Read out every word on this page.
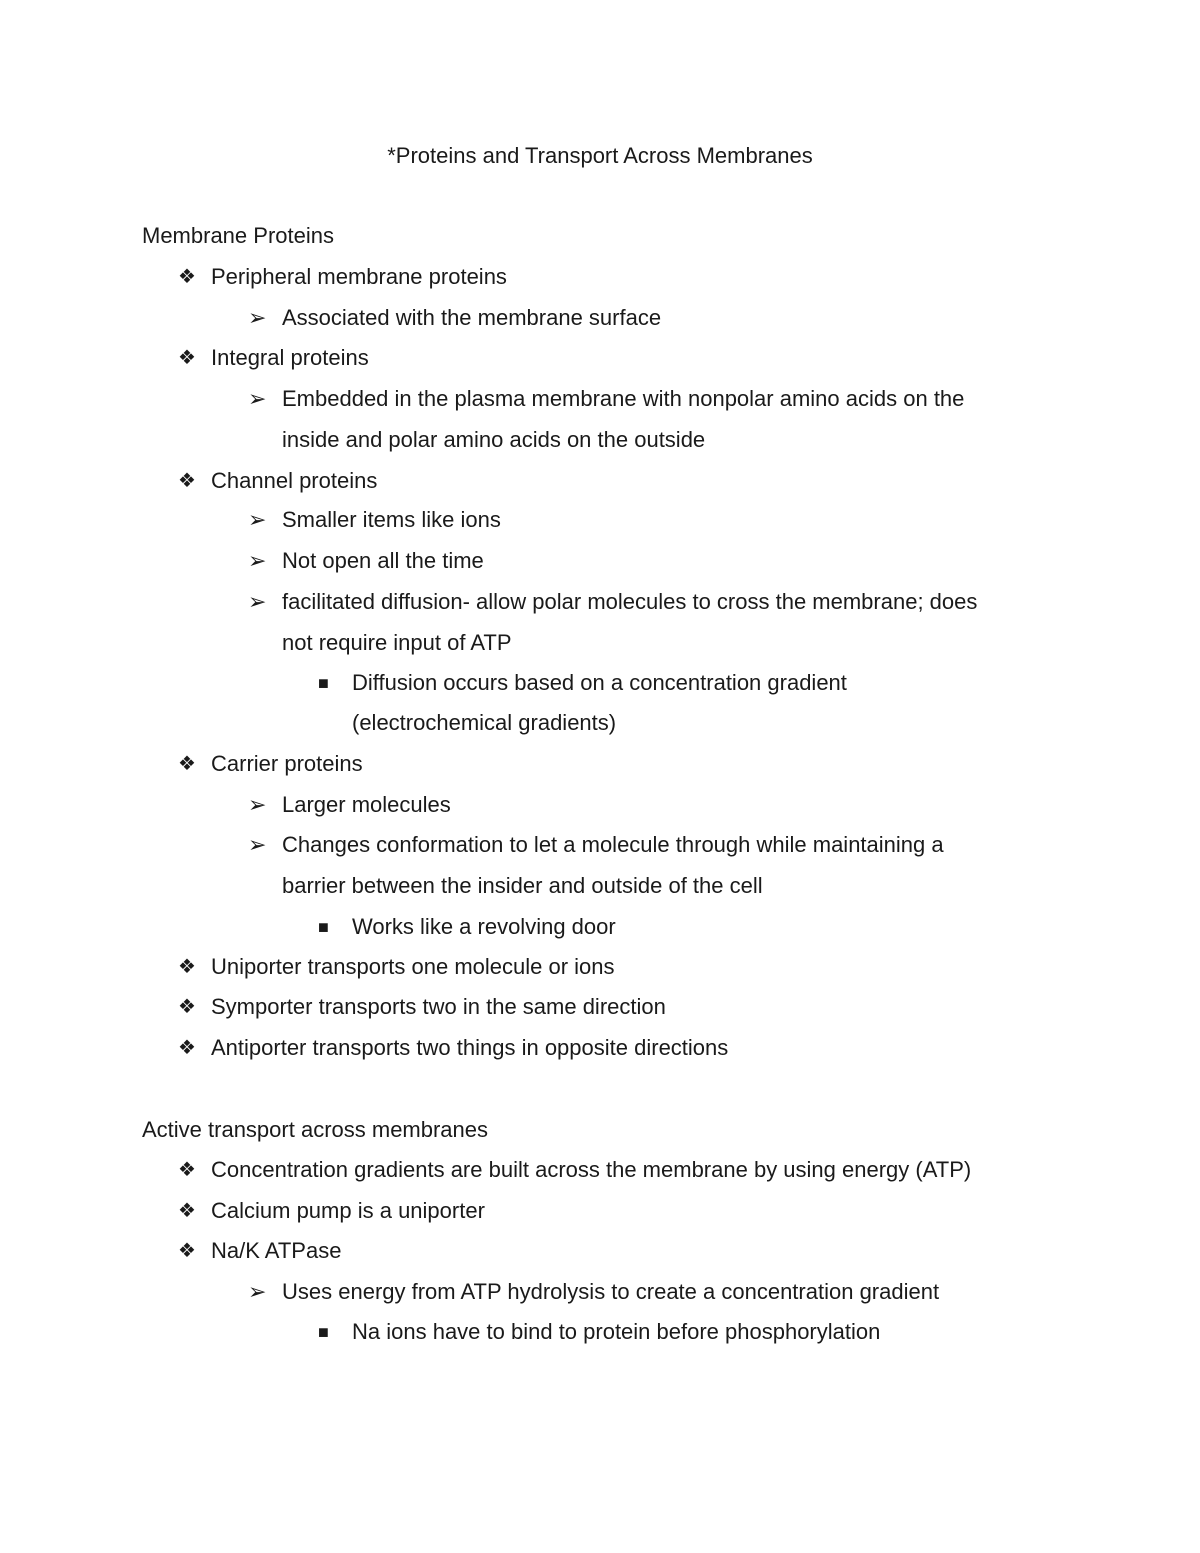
*Proteins and Transport Across Membranes
Membrane Proteins
❖ Peripheral membrane proteins
➢ Associated with the membrane surface
❖ Integral proteins
➢ Embedded in the plasma membrane with nonpolar amino acids on the
inside and polar amino acids on the outside
❖ Channel proteins
➢ Smaller items like ions
➢ Not open all the time
➢ facilitated diffusion- allow polar molecules to cross the membrane; does
not require input of ATP
■ Diffusion occurs based on a concentration gradient
(electrochemical gradients)
❖ Carrier proteins
➢ Larger molecules
➢ Changes conformation to let a molecule through while maintaining a
barrier between the insider and outside of the cell
■ Works like a revolving door
❖ Uniporter transports one molecule or ions
❖ Symporter transports two in the same direction
❖ Antiporter transports two things in opposite directions
Active transport across membranes
❖ Concentration gradients are built across the membrane by using energy (ATP)
❖ Calcium pump is a uniporter
❖ Na/K ATPase
➢ Uses energy from ATP hydrolysis to create a concentration gradient
■ Na ions have to bind to protein before phosphorylation
